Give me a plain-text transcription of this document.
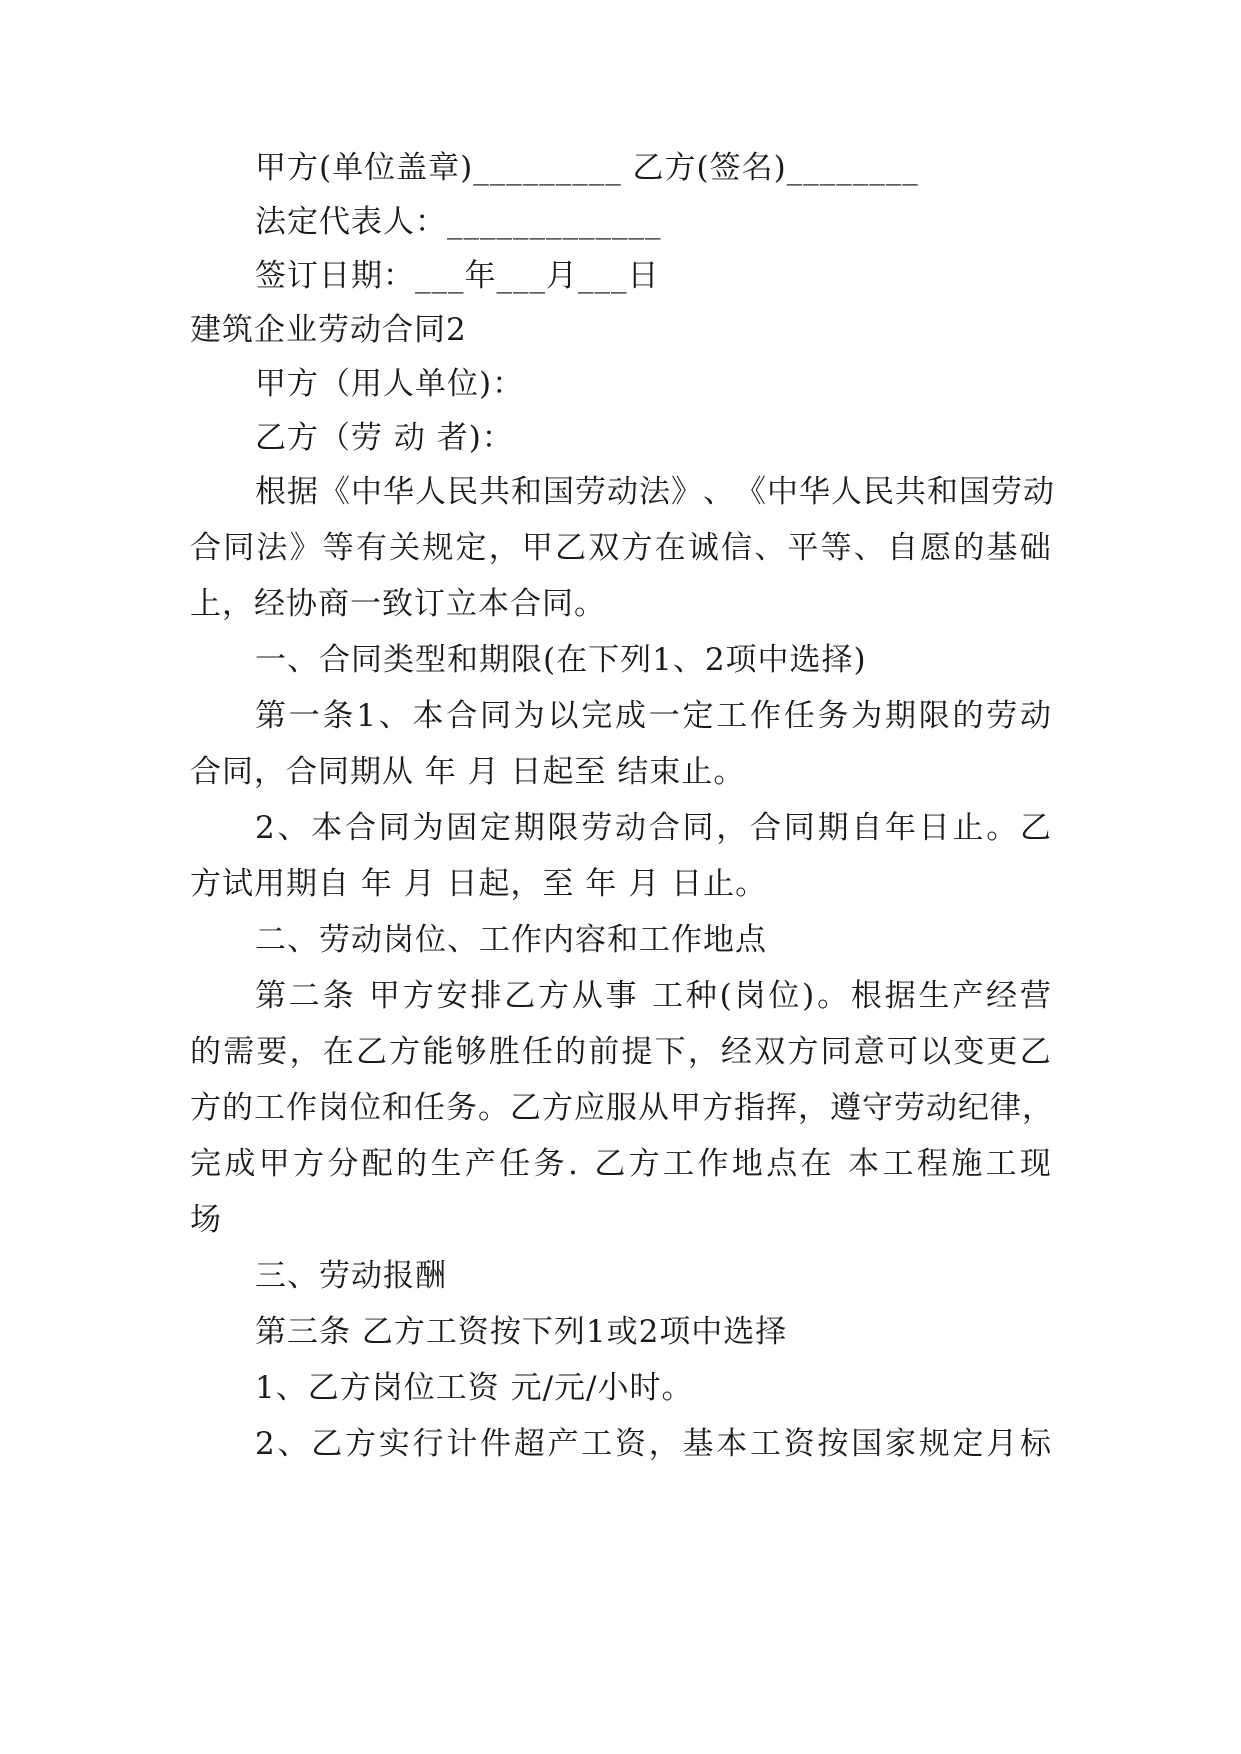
甲方(单位盖章)_________ 乙方(签名)________
法定代表人：_____________
签订日期：___年___月___日
建筑企业劳动合同2
甲方（用人单位)：
乙方（劳 动 者)：
根 据 《 中 华 人 民 共 和 国 劳 动 法 》 、 《 中 华 人 民 共 和 国 劳 动
合 同 法 》 等 有 关 规 定 ， 甲 乙 双 方 在 诚 信 、 平 等 、 自 愿 的 基 础
上，经协商一致订立本合同。
一、合同类型和期限(在下列1、2项中选择)
第 一 条 1 、 本 合 同 为 以 完 成 一 定 工 作 任 务 为 期 限 的 劳 动
合同，合同期从 年 月 日起至 结束止。
2 、 本 合 同 为 固 定 期 限 劳 动 合 同 ， 合 同 期 自 年 日 止 。 乙
方试用期自 年 月 日起，至 年 月 日止。
二、劳动岗位、工作内容和工作地点
第 二 条
甲 方 安 排 乙 方 从 事
工 种 ( 岗 位 ) 。 根 据 生 产 经 营
的 需 要 ， 在 乙 方 能 够 胜 任 的 前 提 下 ， 经 双 方 同 意 可 以 变 更 乙
方 的 工 作 岗 位 和 任 务 。 乙 方 应 服 从 甲 方 指 挥 ， 遵 守 劳 动 纪 律 ，
完 成 甲 方 分 配 的 生 产 任 务 .
乙 方 工 作 地 点 在
本 工 程 施 工 现
场
三、劳动报酬
第三条 乙方工资按下列1或2项中选择
1、乙方岗位工资 元/元/小时。
2 、 乙 方 实 行 计 件 超 产 工 资 ， 基 本 工 资 按 国 家 规 定 月 标
